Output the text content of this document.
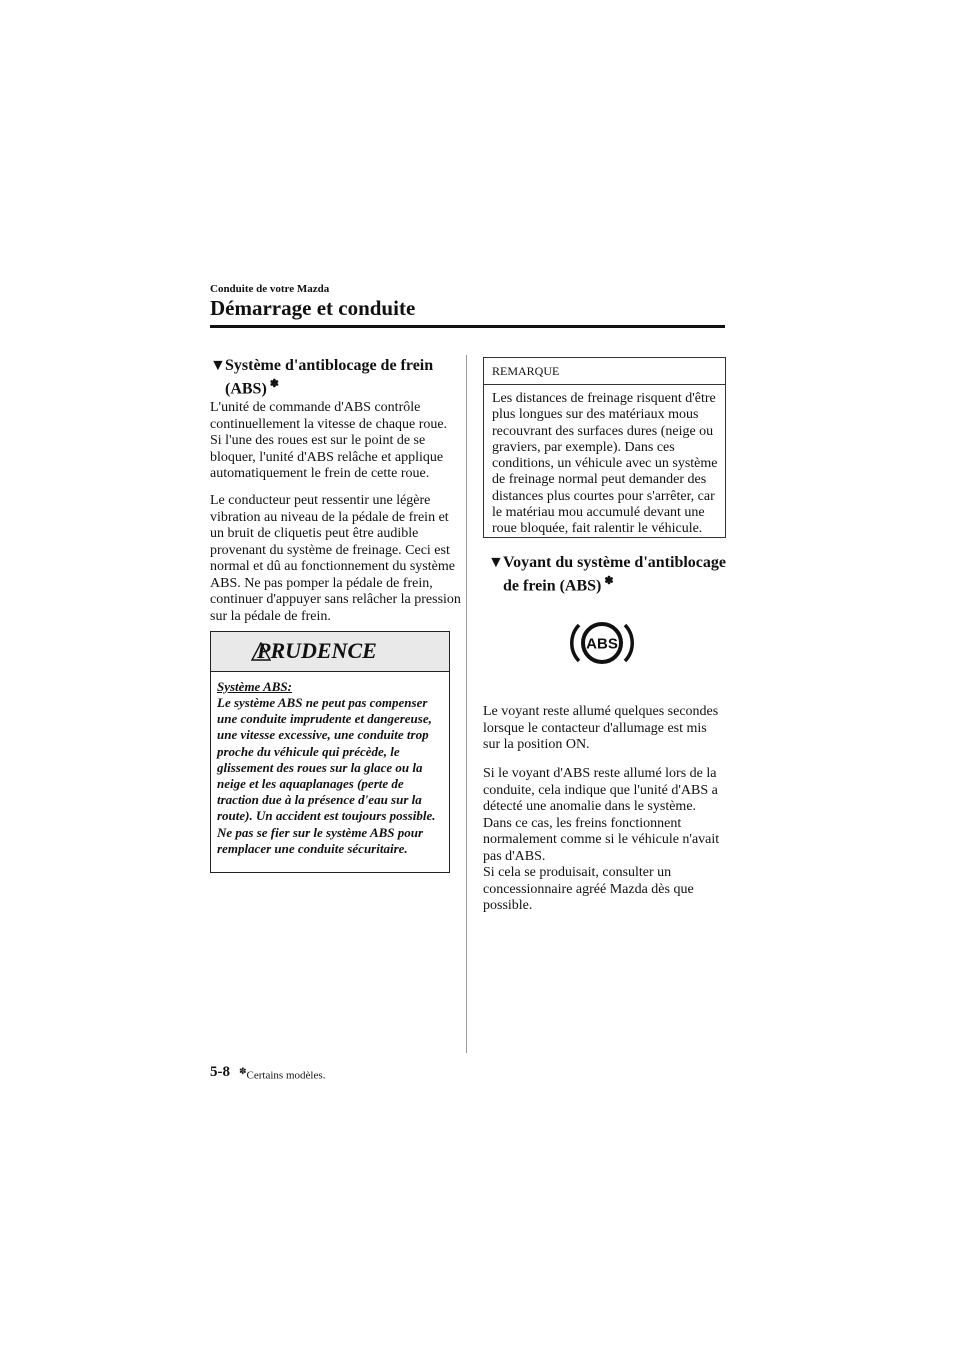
Conduite de votre Mazda
Démarrage et conduite
▼Système d'antiblocage de frein
(ABS) ✽

L'unité de commande d'ABS contrôle continuellement la vitesse de chaque roue. Si l'une des roues est sur le point de se bloquer, l'unité d'ABS relâche et applique automatiquement le frein de cette roue.

Le conducteur peut ressentir une légère vibration au niveau de la pédale de frein et un bruit de cliquetis peut être audible provenant du système de freinage. Ceci est normal et dû au fonctionnement du système ABS. Ne pas pomper la pédale de frein, continuer d'appuyer sans relâcher la pression sur la pédale de frein.

PRUDENCE
Système ABS:
Le système ABS ne peut pas compenser une conduite imprudente et dangereuse, une vitesse excessive, une conduite trop proche du véhicule qui précède, le glissement des roues sur la glace ou la neige et les aquaplanages (perte de traction due à la présence d'eau sur la route). Un accident est toujours possible. Ne pas se fier sur le système ABS pour remplacer une conduite sécuritaire.
REMARQUE
Les distances de freinage risquent d'être plus longues sur des matériaux mous recouvrant des surfaces dures (neige ou graviers, par exemple). Dans ces conditions, un véhicule avec un système de freinage normal peut demander des distances plus courtes pour s'arrêter, car le matériau mou accumulé devant une roue bloquée, fait ralentir le véhicule.
▼Voyant du système d'antiblocage
de frein (ABS) ✽
ABS

Le voyant reste allumé quelques secondes lorsque le contacteur d'allumage est mis sur la position ON.

Si le voyant d'ABS reste allumé lors de la conduite, cela indique que l'unité d'ABS a détecté une anomalie dans le système. Dans ce cas, les freins fonctionnent normalement comme si le véhicule n'avait pas d'ABS.

Si cela se produisait, consulter un concessionnaire agréé Mazda dès que possible.

5-8 ✽Certains modèles.
